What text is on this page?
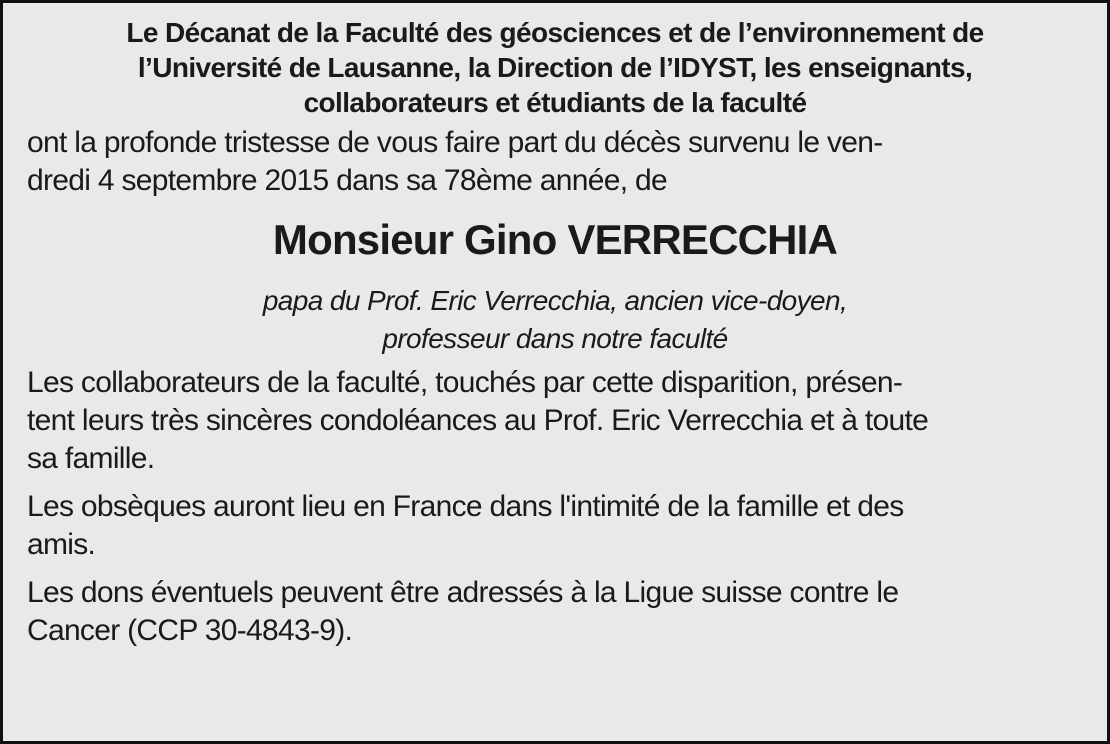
Le Décanat de la Faculté des géosciences et de l’environnement de
l’Université de Lausanne, la Direction de l’IDYST, les enseignants,
collaborateurs et étudiants de la faculté

ont la profonde tristesse de vous faire part du décès survenu le ven-
dredi 4 septembre 2015 dans sa 78ème année, de

Monsieur Gino VERRECCHIA

papa du Prof. Eric Verrecchia, ancien vice-doyen,
professeur dans notre faculté

Les collaborateurs de la faculté, touchés par cette disparition, présen-
tent leurs très sincères condoléances au Prof. Eric Verrecchia et à toute
sa famille.

Les obsèques auront lieu en France dans l'intimité de la famille et des
amis.

Les dons éventuels peuvent être adressés à la Ligue suisse contre le
Cancer (CCP 30-4843-9).
